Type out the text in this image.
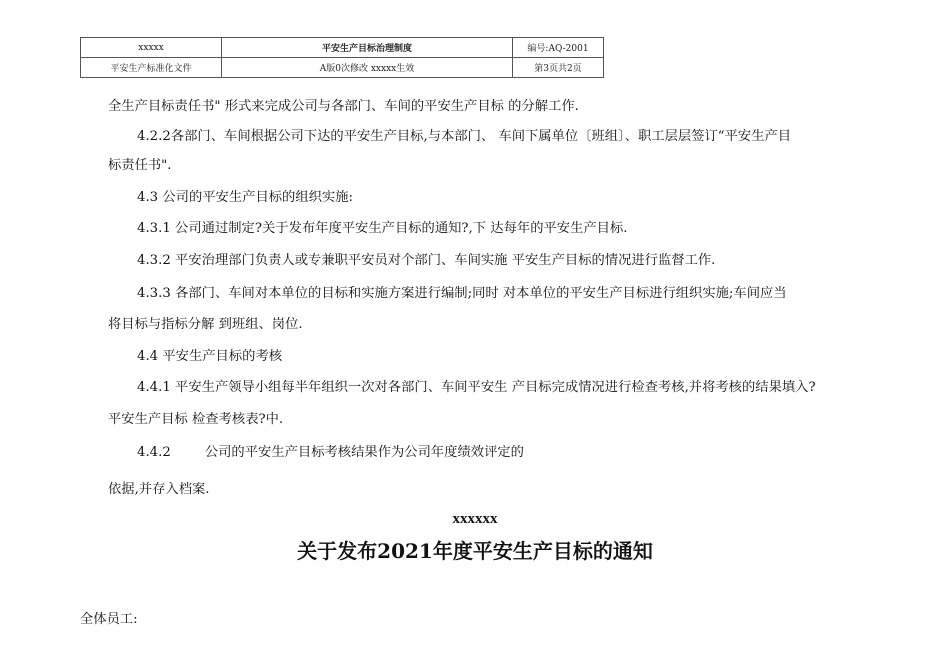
xxxxx	平安生产目标治理制度	编号:AQ-2001
平安生产标准化文件	A版0次修改 xxxxx生效	第3页共2页

全生产目标责任书" 形式来完成公司与各部门、车间的平安生产目标 的分解工作.

4.2.2各部门、车间根据公司下达的平安生产目标,与本部门、 车间下属单位〔班组〕、职工层层签订“平安生产目

标责任书".

4.3 公司的平安生产目标的组织实施:

4.3.1 公司通过制定?关于发布年度平安生产目标的通知?,下 达每年的平安生产目标.

4.3.2 平安治理部门负责人或专兼职平安员对个部门、车间实施 平安生产目标的情况进行监督工作.

4.3.3 各部门、车间对本单位的目标和实施方案进行编制;同时 对本单位的平安生产目标进行组织实施;车间应当

将目标与指标分解 到班组、岗位.

4.4 平安生产目标的考核

4.4.1 平安生产领导小组每半年组织一次对各部门、车间平安生 产目标完成情况进行检查考核,并将考核的结果填入?

平安生产目标 检查考核表?中.

4.4.2	公司的平安生产目标考核结果作为公司年度绩效评定的

依据,并存入档案.

xxxxxx
关于发布2021年度平安生产目标的通知

全体员工:
